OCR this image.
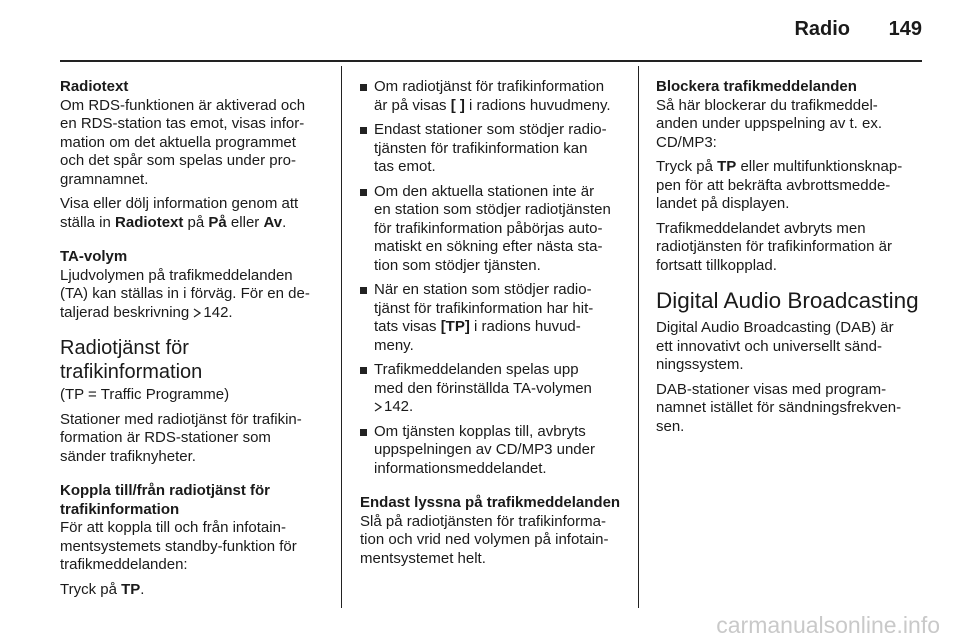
Radio	149

Radiotext

Om RDS-funktionen är aktiverad och
en RDS-station tas emot, visas infor-
mation om det aktuella programmet
och det spår som spelas under pro-
gramnamnet.

Visa eller dölj information genom att
ställa in Radiotext på På eller Av.

TA-volym

Ljudvolymen på trafikmeddelanden
(TA) kan ställas in i förväg. För en de-
taljerad beskrivning 142.

Radiotjänst för trafikinformation

(TP = Traffic Programme)

Stationer med radiotjänst för trafikin-
formation är RDS-stationer som
sänder trafiknyheter.

Koppla till/från radiotjänst för
trafikinformation

För att koppla till och från infotain-
mentsystemets standby-funktion för
trafikmeddelanden:

Tryck på TP.

Om radiotjänst för trafikinformation
är på visas [ ] i radions huvudmeny.
Endast stationer som stödjer radio-
tjänsten för trafikinformation kan
tas emot.
Om den aktuella stationen inte är
en station som stödjer radiotjänsten
för trafikinformation påbörjas auto-
matiskt en sökning efter nästa sta-
tion som stödjer tjänsten.
När en station som stödjer radio-
tjänst för trafikinformation har hit-
tats visas [TP] i radions huvud-
meny.
Trafikmeddelanden spelas upp
med den förinställda TA-volymen
142.
Om tjänsten kopplas till, avbryts
uppspelningen av CD/MP3 under
informationsmeddelandet.

Endast lyssna på trafikmeddelanden

Slå på radiotjänsten för trafikinforma-
tion och vrid ned volymen på infotain-
mentsystemet helt.

Blockera trafikmeddelanden

Så här blockerar du trafikmeddel-
anden under uppspelning av t. ex.
CD/MP3:

Tryck på TP eller multifunktionsknap-
pen för att bekräfta avbrottsmedde-
landet på displayen.

Trafikmeddelandet avbryts men
radiotjänsten för trafikinformation är
fortsatt tillkopplad.

Digital Audio Broadcasting

Digital Audio Broadcasting (DAB) är
ett innovativt och universellt sänd-
ningssystem.

DAB-stationer visas med program-
namnet istället för sändningsfrekven-
sen.

carmanualsonline.info
